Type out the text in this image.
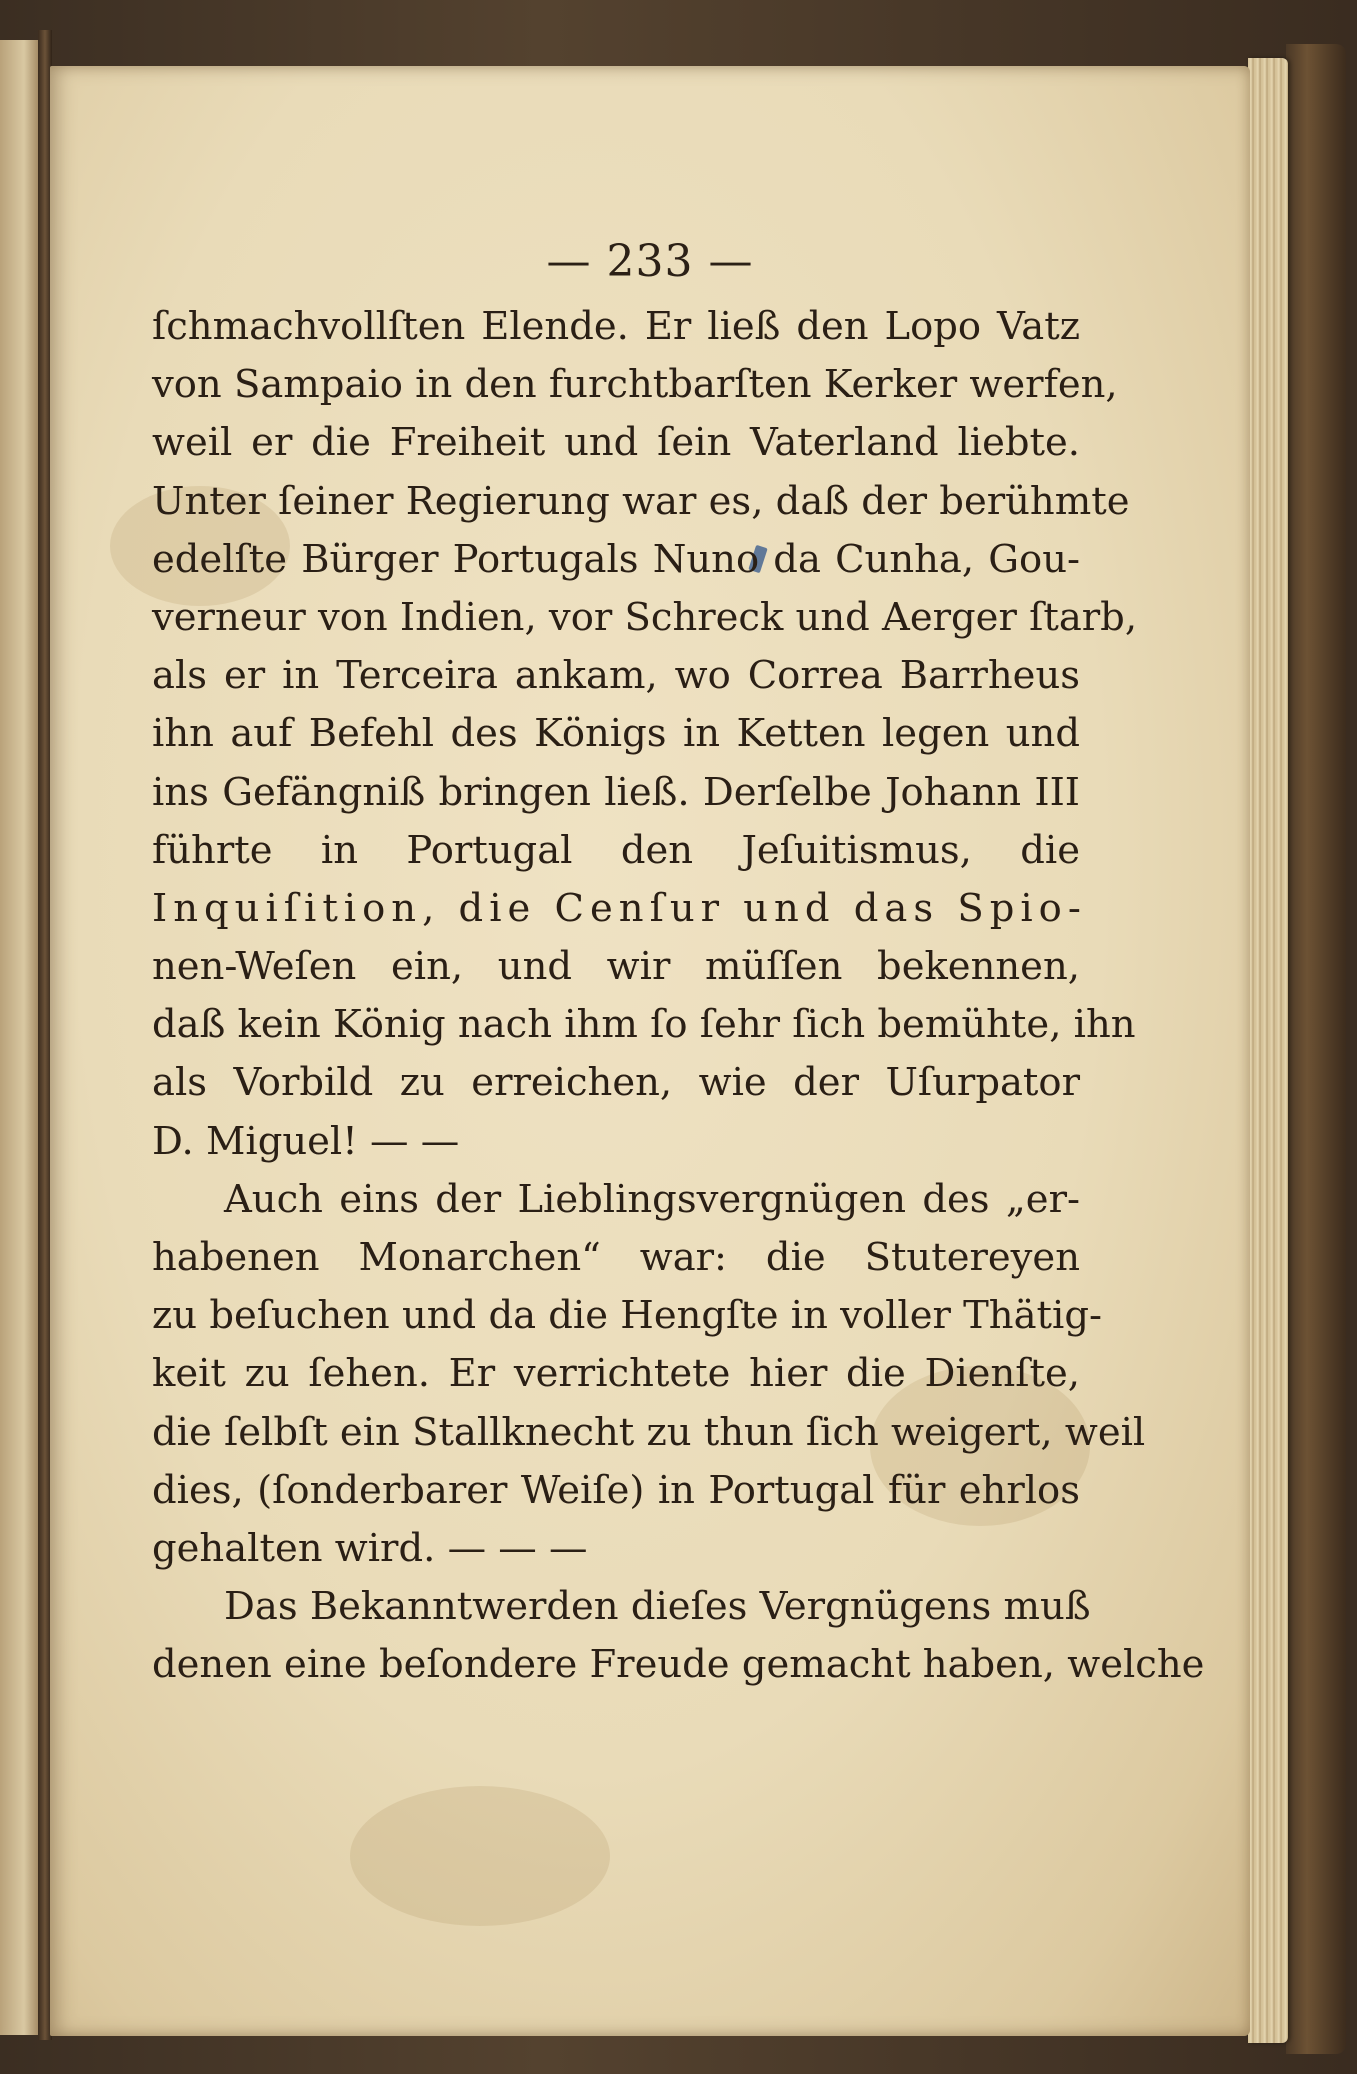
— 233 —
ſchmachvollſten Elende. Er ließ den Lopo Vatz
von Sampaio in den furchtbarſten Kerker werfen,
weil er die Freiheit und ſein Vaterland liebte.
Unter ſeiner Regierung war es, daß der berühmte
edelſte Bürger Portugals Nuno da Cunha, Gou-
verneur von Indien, vor Schreck und Aerger ſtarb,
als er in Terceira ankam, wo Correa Barrheus
ihn auf Befehl des Königs in Ketten legen und
ins Gefängniß bringen ließ. Derſelbe Johann III
führte in Portugal den Jeſuitismus, die
Inquiſition, die Cenſur und das Spio-
nen-Weſen ein, und wir müſſen bekennen,
daß kein König nach ihm ſo ſehr ſich bemühte, ihn
als Vorbild zu erreichen, wie der Uſurpator
D. Miguel! — —
Auch eins der Lieblingsvergnügen des „er-
habenen Monarchen“ war: die Stutereyen
zu beſuchen und da die Hengſte in voller Thätig-
keit zu ſehen. Er verrichtete hier die Dienſte,
die ſelbſt ein Stallknecht zu thun ſich weigert, weil
dies, (ſonderbarer Weiſe) in Portugal für ehrlos
gehalten wird. — — —
Das Bekanntwerden dieſes Vergnügens muß
denen eine beſondere Freude gemacht haben, welche
